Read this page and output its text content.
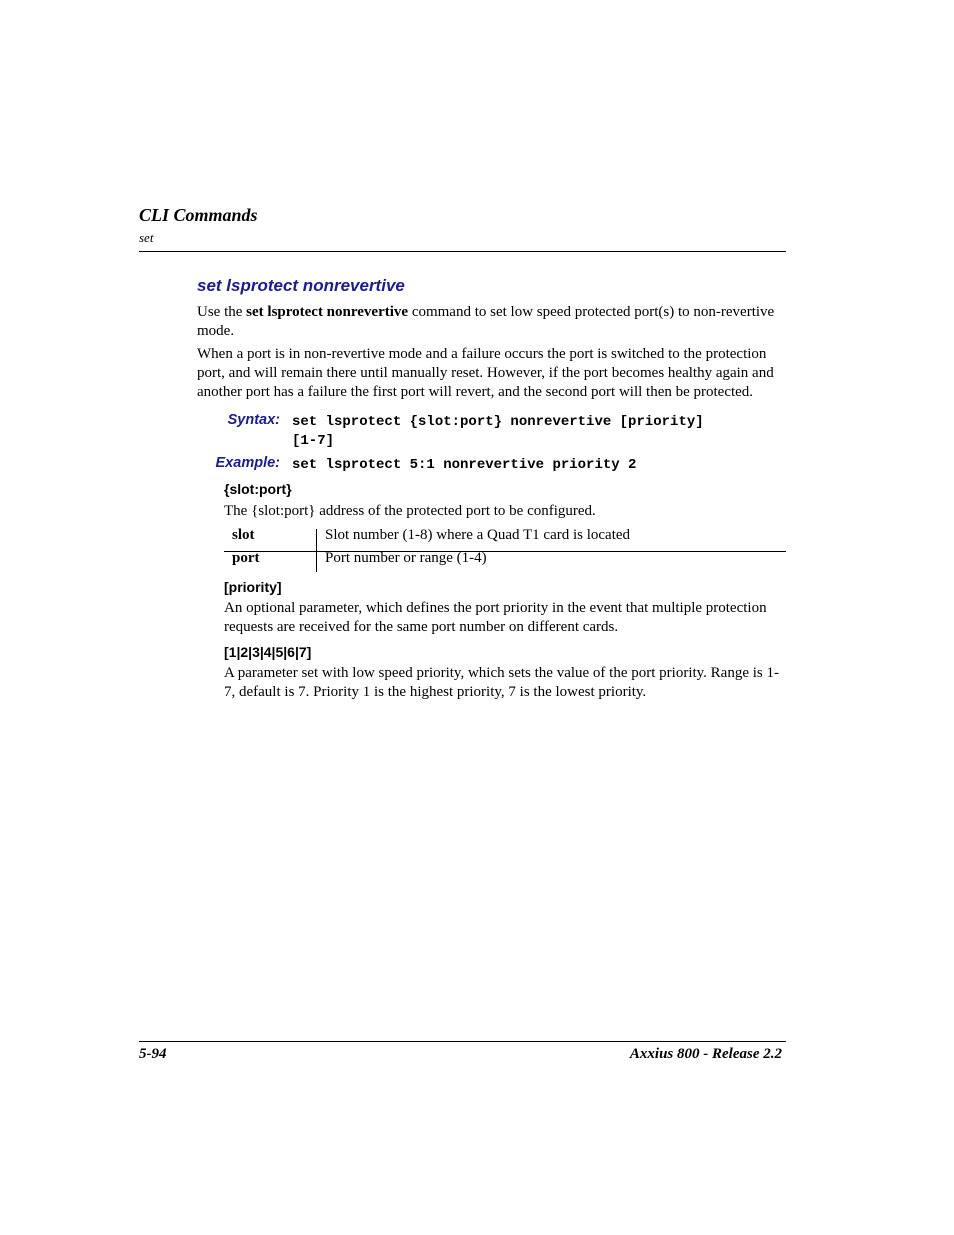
CLI Commands
set
set lsprotect nonrevertive
Use the set lsprotect nonrevertive command to set low speed protected port(s) to non-revertive mode.
When a port is in non-revertive mode and a failure occurs the port is switched to the protection port, and will remain there until manually reset. However, if the port becomes healthy again and another port has a failure the first port will revert, and the second port will then be protected.
Syntax: set lsprotect {slot:port} nonrevertive [priority]
[1-7]
Example: set lsprotect 5:1 nonrevertive priority 2
{slot:port}
The {slot:port} address of the protected port to be configured.
slot	Slot number (1-8) where a Quad T1 card is located
port	Port number or range (1-4)
[priority]
An optional parameter, which defines the port priority in the event that multiple protection requests are received for the same port number on different cards.
[1|2|3|4|5|6|7]
A parameter set with low speed priority, which sets the value of the port priority. Range is 1-7, default is 7. Priority 1 is the highest priority, 7 is the lowest priority.
5-94	Axxius 800 - Release 2.2
